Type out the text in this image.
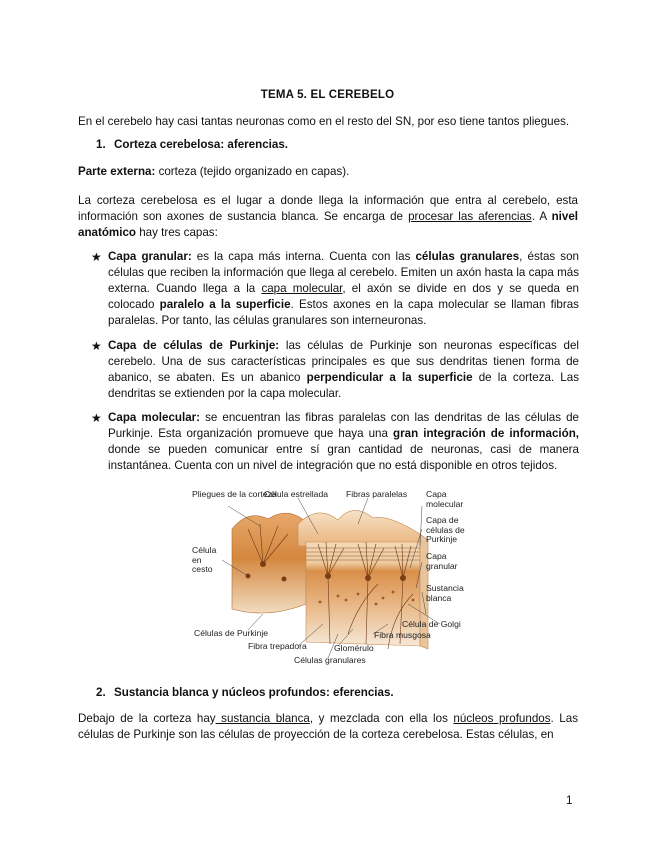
TEMA 5. EL CEREBELO
En el cerebelo hay casi tantas neuronas como en el resto del SN, por eso tiene tantos pliegues.
1. Corteza cerebelosa: aferencias.
Parte externa: corteza (tejido organizado en capas).
La corteza cerebelosa es el lugar a donde llega la información que entra al cerebelo, esta información son axones de sustancia blanca. Se encarga de procesar las aferencias. A nivel anatómico hay tres capas:
★ Capa granular: es la capa más interna. Cuenta con las células granulares, éstas son células que reciben la información que llega al cerebelo. Emiten un axón hasta la capa más externa. Cuando llega a la capa molecular, el axón se divide en dos y se queda en colocado paralelo a la superficie. Estos axones en la capa molecular se llaman fibras paralelas. Por tanto, las células granulares son interneuronas.
★ Capa de células de Purkinje: las células de Purkinje son neuronas específicas del cerebelo. Una de sus características principales es que sus dendritas tienen forma de abanico, se abaten. Es un abanico perpendicular a la superficie de la corteza. Las dendritas se extienden por la capa molecular.
★ Capa molecular: se encuentran las fibras paralelas con las dendritas de las células de Purkinje. Esta organización promueve que haya una gran integración de información, donde se pueden comunicar entre sí gran cantidad de neuronas, casi de manera instantánea. Cuenta con un nivel de integración que no está disponible en otros tejidos.
Pliegues de la corteza
Célula estrellada Fibras paralelas Capa molecular
Capa de células de Purkinje
Capa granular
Célula en cesto
Sustancia blanca
Célula de Golgi
Fibra musgosa
Células de Purkinje
Fibra trepadora	Glomérulo
Células granulares
2. Sustancia blanca y núcleos profundos: eferencias.
Debajo de la corteza hay sustancia blanca, y mezclada con ella los núcleos profundos. Las células de Purkinje son las células de proyección de la corteza cerebelosa. Estas células, en
1
